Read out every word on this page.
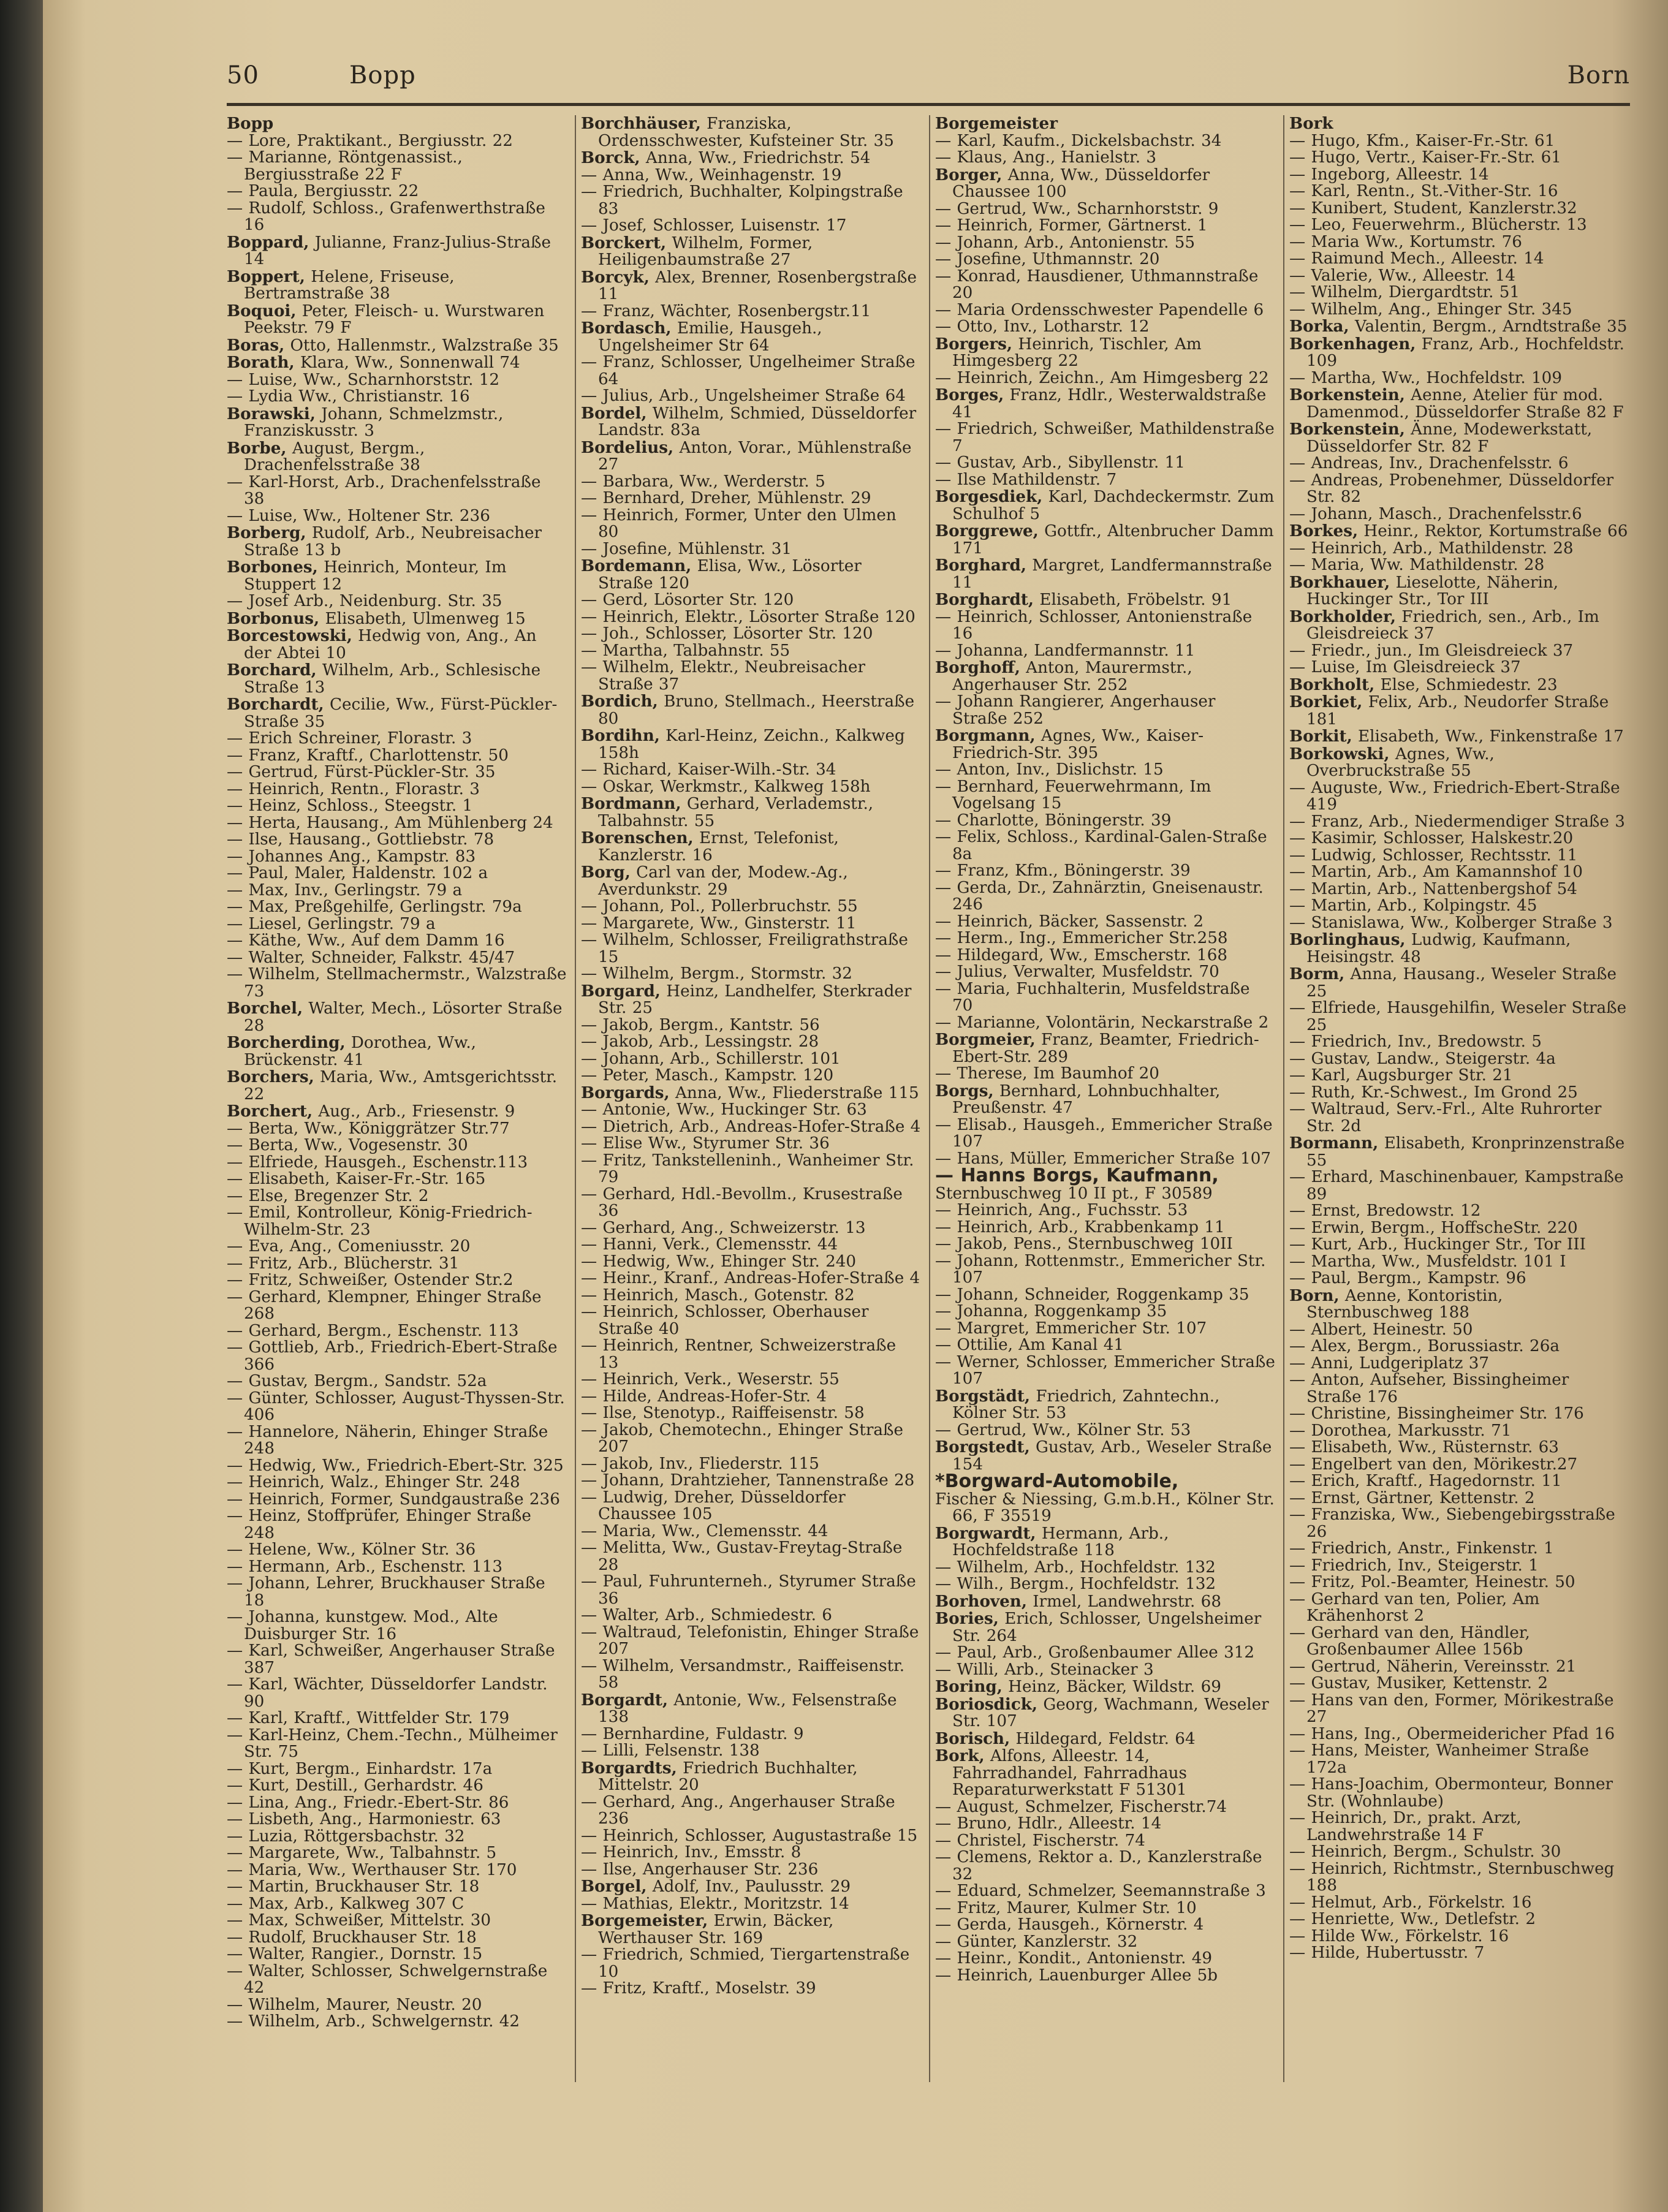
50	Bopp	Born

Bopp

— Lore, Praktikant., Bergiusstr. 22

— Marianne, Röntgenassist., Bergiusstraße 22 F

— Paula, Bergiusstr. 22

— Rudolf, Schloss., Grafenwerthstraße 16

Boppard, Julianne, Franz-Julius-Straße 14

Boppert, Helene, Friseuse, Bertramstraße 38

Boquoi, Peter, Fleisch- u. Wurstwaren Peekstr. 79 F

Boras, Otto, Hallenmstr., Walzstraße 35

Borath, Klara, Ww., Sonnenwall 74

— Luise, Ww., Scharnhorststr. 12

— Lydia Ww., Christianstr. 16

Borawski, Johann, Schmelzmstr., Franziskusstr. 3

Borbe, August, Bergm., Drachenfelsstraße 38

— Karl-Horst, Arb., Drachenfelsstraße 38

— Luise, Ww., Holtener Str. 236

Borberg, Rudolf, Arb., Neubreisacher Straße 13 b

Borbones, Heinrich, Monteur, Im Stuppert 12

— Josef Arb., Neidenburg. Str. 35

Borbonus, Elisabeth, Ulmenweg 15

Borcestowski, Hedwig von, Ang., An der Abtei 10

Borchard, Wilhelm, Arb., Schlesische Straße 13

Borchardt, Cecilie, Ww., Fürst-Pückler-Straße 35

— Erich Schreiner, Florastr. 3

— Franz, Kraftf., Charlottenstr. 50

— Gertrud, Fürst-Pückler-Str. 35

— Heinrich, Rentn., Florastr. 3

— Heinz, Schloss., Steegstr. 1

— Herta, Hausang., Am Mühlenberg 24

— Ilse, Hausang., Gottliebstr. 78

— Johannes Ang., Kampstr. 83

— Paul, Maler, Haldenstr. 102 a

— Max, Inv., Gerlingstr. 79 a

— Max, Preßgehilfe, Gerlingstr. 79a

— Liesel, Gerlingstr. 79 a

— Käthe, Ww., Auf dem Damm 16

— Walter, Schneider, Falkstr. 45/47

— Wilhelm, Stellmachermstr., Walzstraße 73

Borchel, Walter, Mech., Lösorter Straße 28

Borcherding, Dorothea, Ww., Brückenstr. 41

Borchers, Maria, Ww., Amtsgerichtsstr. 22

Borchert, Aug., Arb., Friesenstr. 9

— Berta, Ww., Königgrätzer Str.77

— Berta, Ww., Vogesenstr. 30

— Elfriede, Hausgeh., Eschenstr.113

— Elisabeth, Kaiser-Fr.-Str. 165

— Else, Bregenzer Str. 2

— Emil, Kontrolleur, König-Friedrich-Wilhelm-Str. 23

— Eva, Ang., Comeniusstr. 20

— Fritz, Arb., Blücherstr. 31

— Fritz, Schweißer, Ostender Str.2

— Gerhard, Klempner, Ehinger Straße 268

— Gerhard, Bergm., Eschenstr. 113

— Gottlieb, Arb., Friedrich-Ebert-Straße 366

— Gustav, Bergm., Sandstr. 52a

— Günter, Schlosser, August-Thyssen-Str. 406

— Hannelore, Näherin, Ehinger Straße 248

— Hedwig, Ww., Friedrich-Ebert-Str. 325

— Heinrich, Walz., Ehinger Str. 248

— Heinrich, Former, Sundgaustraße 236

— Heinz, Stoffprüfer, Ehinger Straße 248

— Helene, Ww., Kölner Str. 36

— Hermann, Arb., Eschenstr. 113

— Johann, Lehrer, Bruckhauser Straße 18

— Johanna, kunstgew. Mod., Alte Duisburger Str. 16

— Karl, Schweißer, Angerhauser Straße 387

— Karl, Wächter, Düsseldorfer Landstr. 90

— Karl, Kraftf., Wittfelder Str. 179

— Karl-Heinz, Chem.-Techn., Mülheimer Str. 75

— Kurt, Bergm., Einhardstr. 17a

— Kurt, Destill., Gerhardstr. 46

— Lina, Ang., Friedr.-Ebert-Str. 86

— Lisbeth, Ang., Harmoniestr. 63

— Luzia, Röttgersbachstr. 32

— Margarete, Ww., Talbahnstr. 5

— Maria, Ww., Werthauser Str. 170

— Martin, Bruckhauser Str. 18

— Max, Arb., Kalkweg 307 C

— Max, Schweißer, Mittelstr. 30

— Rudolf, Bruckhauser Str. 18

— Walter, Rangier., Dornstr. 15

— Walter, Schlosser, Schwelgernstraße 42

— Wilhelm, Maurer, Neustr. 20

— Wilhelm, Arb., Schwelgernstr. 42

Borchhäuser, Franziska, Ordensschwester, Kufsteiner Str. 35

Borck, Anna, Ww., Friedrichstr. 54

— Anna, Ww., Weinhagenstr. 19

— Friedrich, Buchhalter, Kolpingstraße 83

— Josef, Schlosser, Luisenstr. 17

Borckert, Wilhelm, Former, Heiligenbaumstraße 27

Borcyk, Alex, Brenner, Rosenbergstraße 11

— Franz, Wächter, Rosenbergstr.11

Bordasch, Emilie, Hausgeh., Ungelsheimer Str 64

— Franz, Schlosser, Ungelheimer Straße 64

— Julius, Arb., Ungelsheimer Straße 64

Bordel, Wilhelm, Schmied, Düsseldorfer Landstr. 83a

Bordelius, Anton, Vorar., Mühlenstraße 27

— Barbara, Ww., Werderstr. 5

— Bernhard, Dreher, Mühlenstr. 29

— Heinrich, Former, Unter den Ulmen 80

— Josefine, Mühlenstr. 31

Bordemann, Elisa, Ww., Lösorter Straße 120

— Gerd, Lösorter Str. 120

— Heinrich, Elektr., Lösorter Straße 120

— Joh., Schlosser, Lösorter Str. 120

— Martha, Talbahnstr. 55

— Wilhelm, Elektr., Neubreisacher Straße 37

Bordich, Bruno, Stellmach., Heerstraße 80

Bordihn, Karl-Heinz, Zeichn., Kalkweg 158h

— Richard, Kaiser-Wilh.-Str. 34

— Oskar, Werkmstr., Kalkweg 158h

Bordmann, Gerhard, Verlademstr., Talbahnstr. 55

Borenschen, Ernst, Telefonist, Kanzlerstr. 16

Borg, Carl van der, Modew.-Ag., Averdunkstr. 29

— Johann, Pol., Pollerbruchstr. 55

— Margarete, Ww., Ginsterstr. 11

— Wilhelm, Schlosser, Freiligrathstraße 15

— Wilhelm, Bergm., Stormstr. 32

Borgard, Heinz, Landhelfer, Sterkrader Str. 25

— Jakob, Bergm., Kantstr. 56

— Jakob, Arb., Lessingstr. 28

— Johann, Arb., Schillerstr. 101

— Peter, Masch., Kampstr. 120

Borgards, Anna, Ww., Fliederstraße 115

— Antonie, Ww., Huckinger Str. 63

— Dietrich, Arb., Andreas-Hofer-Straße 4

— Elise Ww., Styrumer Str. 36

— Fritz, Tankstelleninh., Wanheimer Str. 79

— Gerhard, Hdl.-Bevollm., Krusestraße 36

— Gerhard, Ang., Schweizerstr. 13

— Hanni, Verk., Clemensstr. 44

— Hedwig, Ww., Ehinger Str. 240

— Heinr., Kranf., Andreas-Hofer-Straße 4

— Heinrich, Masch., Gotenstr. 82

— Heinrich, Schlosser, Oberhauser Straße 40

— Heinrich, Rentner, Schweizerstraße 13

— Heinrich, Verk., Weserstr. 55

— Hilde, Andreas-Hofer-Str. 4

— Ilse, Stenotyp., Raiffeisenstr. 58

— Jakob, Chemotechn., Ehinger Straße 207

— Jakob, Inv., Fliederstr. 115

— Johann, Drahtzieher, Tannenstraße 28

— Ludwig, Dreher, Düsseldorfer Chaussee 105

— Maria, Ww., Clemensstr. 44

— Melitta, Ww., Gustav-Freytag-Straße 28

— Paul, Fuhrunterneh., Styrumer Straße 36

— Walter, Arb., Schmiedestr. 6

— Waltraud, Telefonistin, Ehinger Straße 207

— Wilhelm, Versandmstr., Raiffeisenstr. 58

Borgardt, Antonie, Ww., Felsenstraße 138

— Bernhardine, Fuldastr. 9

— Lilli, Felsenstr. 138

Borgardts, Friedrich Buchhalter, Mittelstr. 20

— Gerhard, Ang., Angerhauser Straße 236

— Heinrich, Schlosser, Augustastraße 15

— Heinrich, Inv., Emsstr. 8

— Ilse, Angerhauser Str. 236

Borgel, Adolf, Inv., Paulusstr. 29

— Mathias, Elektr., Moritzstr. 14

Borgemeister, Erwin, Bäcker, Werthauser Str. 169

— Friedrich, Schmied, Tiergartenstraße 10

— Fritz, Kraftf., Moselstr. 39

Borgemeister

— Karl, Kaufm., Dickelsbachstr. 34

— Klaus, Ang., Hanielstr. 3

Borger, Anna, Ww., Düsseldorfer Chaussee 100

— Gertrud, Ww., Scharnhorststr. 9

— Heinrich, Former, Gärtnerst. 1

— Johann, Arb., Antonienstr. 55

— Josefine, Uthmannstr. 20

— Konrad, Hausdiener, Uthmannstraße 20

— Maria Ordensschwester Papendelle 6

— Otto, Inv., Lotharstr. 12

Borgers, Heinrich, Tischler, Am Himgesberg 22

— Heinrich, Zeichn., Am Himgesberg 22

Borges, Franz, Hdlr., Westerwaldstraße 41

— Friedrich, Schweißer, Mathildenstraße 7

— Gustav, Arb., Sibyllenstr. 11

— Ilse Mathildenstr. 7

Borgesdiek, Karl, Dachdeckermstr. Zum Schulhof 5

Borggrewe, Gottfr., Altenbrucher Damm 171

Borghard, Margret, Landfermannstraße 11

Borghardt, Elisabeth, Fröbelstr. 91

— Heinrich, Schlosser, Antonienstraße 16

— Johanna, Landfermannstr. 11

Borghoff, Anton, Maurermstr., Angerhauser Str. 252

— Johann Rangierer, Angerhauser Straße 252

Borgmann, Agnes, Ww., Kaiser-Friedrich-Str. 395

— Anton, Inv., Dislichstr. 15

— Bernhard, Feuerwehrmann, Im Vogelsang 15

— Charlotte, Böningerstr. 39

— Felix, Schloss., Kardinal-Galen-Straße 8a

— Franz, Kfm., Böningerstr. 39

— Gerda, Dr., Zahnärztin, Gneisenaustr. 246

— Heinrich, Bäcker, Sassenstr. 2

— Herm., Ing., Emmericher Str.258

— Hildegard, Ww., Emscherstr. 168

— Julius, Verwalter, Musfeldstr. 70

— Maria, Fuchhalterin, Musfeldstraße 70

— Marianne, Volontärin, Neckarstraße 2

Borgmeier, Franz, Beamter, Friedrich-Ebert-Str. 289

— Therese, Im Baumhof 20

Borgs, Bernhard, Lohnbuchhalter, Preußenstr. 47

— Elisab., Hausgeh., Emmericher Straße 107

— Hans, Müller, Emmericher Straße 107

— Hanns Borgs, Kaufmann,

Sternbuschweg 10 II pt., F 30589

— Heinrich, Ang., Fuchsstr. 53

— Heinrich, Arb., Krabbenkamp 11

— Jakob, Pens., Sternbuschweg 10II

— Johann, Rottenmstr., Emmericher Str. 107

— Johann, Schneider, Roggenkamp 35

— Johanna, Roggenkamp 35

— Margret, Emmericher Str. 107

— Ottilie, Am Kanal 41

— Werner, Schlosser, Emmericher Straße 107

Borgstädt, Friedrich, Zahntechn., Kölner Str. 53

— Gertrud, Ww., Kölner Str. 53

Borgstedt, Gustav, Arb., Weseler Straße 154

*Borgward-Automobile,

Fischer & Niessing, G.m.b.H., Kölner Str. 66, F 35519

Borgwardt, Hermann, Arb., Hochfeldstraße 118

— Wilhelm, Arb., Hochfeldstr. 132

— Wilh., Bergm., Hochfeldstr. 132

Borhoven, Irmel, Landwehrstr. 68

Bories, Erich, Schlosser, Ungelsheimer Str. 264

— Paul, Arb., Großenbaumer Allee 312

— Willi, Arb., Steinacker 3

Boring, Heinz, Bäcker, Wildstr. 69

Boriosdick, Georg, Wachmann, Weseler Str. 107

Borisch, Hildegard, Feldstr. 64

Bork, Alfons, Alleestr. 14, Fahrradhandel, Fahrradhaus Reparaturwerkstatt F 51301

— August, Schmelzer, Fischerstr.74

— Bruno, Hdlr., Alleestr. 14

— Christel, Fischerstr. 74

— Clemens, Rektor a. D., Kanzlerstraße 32

— Eduard, Schmelzer, Seemannstraße 3

— Fritz, Maurer, Kulmer Str. 10

— Gerda, Hausgeh., Körnerstr. 4

— Günter, Kanzlerstr. 32

— Heinr., Kondit., Antonienstr. 49

— Heinrich, Lauenburger Allee 5b

Bork

— Hugo, Kfm., Kaiser-Fr.-Str. 61

— Hugo, Vertr., Kaiser-Fr.-Str. 61

— Ingeborg, Alleestr. 14

— Karl, Rentn., St.-Vither-Str. 16

— Kunibert, Student, Kanzlerstr.32

— Leo, Feuerwehrm., Blücherstr. 13

— Maria Ww., Kortumstr. 76

— Raimund Mech., Alleestr. 14

— Valerie, Ww., Alleestr. 14

— Wilhelm, Diergardtstr. 51

— Wilhelm, Ang., Ehinger Str. 345

Borka, Valentin, Bergm., Arndtstraße 35

Borkenhagen, Franz, Arb., Hochfeldstr. 109

— Martha, Ww., Hochfeldstr. 109

Borkenstein, Aenne, Atelier für mod. Damenmod., Düsseldorfer Straße 82 F

Borkenstein, Änne, Modewerkstatt, Düsseldorfer Str. 82 F

— Andreas, Inv., Drachenfelsstr. 6

— Andreas, Probenehmer, Düsseldorfer Str. 82

— Johann, Masch., Drachenfelsstr.6

Borkes, Heinr., Rektor, Kortumstraße 66

— Heinrich, Arb., Mathildenstr. 28

— Maria, Ww. Mathildenstr. 28

Borkhauer, Lieselotte, Näherin, Huckinger Str., Tor III

Borkholder, Friedrich, sen., Arb., Im Gleisdreieck 37

— Friedr., jun., Im Gleisdreieck 37

— Luise, Im Gleisdreieck 37

Borkholt, Else, Schmiedestr. 23

Borkiet, Felix, Arb., Neudorfer Straße 181

Borkit, Elisabeth, Ww., Finkenstraße 17

Borkowski, Agnes, Ww., Overbruckstraße 55

— Auguste, Ww., Friedrich-Ebert-Straße 419

— Franz, Arb., Niedermendiger Straße 3

— Kasimir, Schlosser, Halskestr.20

— Ludwig, Schlosser, Rechtsstr. 11

— Martin, Arb., Am Kamannshof 10

— Martin, Arb., Nattenbergshof 54

— Martin, Arb., Kolpingstr. 45

— Stanislawa, Ww., Kolberger Straße 3

Borlinghaus, Ludwig, Kaufmann, Heisingstr. 48

Borm, Anna, Hausang., Weseler Straße 25

— Elfriede, Hausgehilfin, Weseler Straße 25

— Friedrich, Inv., Bredowstr. 5

— Gustav, Landw., Steigerstr. 4a

— Karl, Augsburger Str. 21

— Ruth, Kr.-Schwest., Im Grond 25

— Waltraud, Serv.-Frl., Alte Ruhrorter Str. 2d

Bormann, Elisabeth, Kronprinzenstraße 55

— Erhard, Maschinenbauer, Kampstraße 89

— Ernst, Bredowstr. 12

— Erwin, Bergm., HoffscheStr. 220

— Kurt, Arb., Huckinger Str., Tor III

— Martha, Ww., Musfeldstr. 101 I

— Paul, Bergm., Kampstr. 96

Born, Aenne, Kontoristin, Sternbuschweg 188

— Albert, Heinestr. 50

— Alex, Bergm., Borussiastr. 26a

— Anni, Ludgeriplatz 37

— Anton, Aufseher, Bissingheimer Straße 176

— Christine, Bissingheimer Str. 176

— Dorothea, Markusstr. 71

— Elisabeth, Ww., Rüsternstr. 63

— Engelbert van den, Mörikestr.27

— Erich, Kraftf., Hagedornstr. 11

— Ernst, Gärtner, Kettenstr. 2

— Franziska, Ww., Siebengebirgsstraße 26

— Friedrich, Anstr., Finkenstr. 1

— Friedrich, Inv., Steigerstr. 1

— Fritz, Pol.-Beamter, Heinestr. 50

— Gerhard van ten, Polier, Am Krähenhorst 2

— Gerhard van den, Händler, Großenbaumer Allee 156b

— Gertrud, Näherin, Vereinsstr. 21

— Gustav, Musiker, Kettenstr. 2

— Hans van den, Former, Mörikestraße 27

— Hans, Ing., Obermeidericher Pfad 16

— Hans, Meister, Wanheimer Straße 172a

— Hans-Joachim, Obermonteur, Bonner Str. (Wohnlaube)

— Heinrich, Dr., prakt. Arzt, Landwehrstraße 14 F

— Heinrich, Bergm., Schulstr. 30

— Heinrich, Richtmstr., Sternbuschweg 188

— Helmut, Arb., Förkelstr. 16

— Henriette, Ww., Detlefstr. 2

— Hilde Ww., Förkelstr. 16

— Hilde, Hubertusstr. 7
